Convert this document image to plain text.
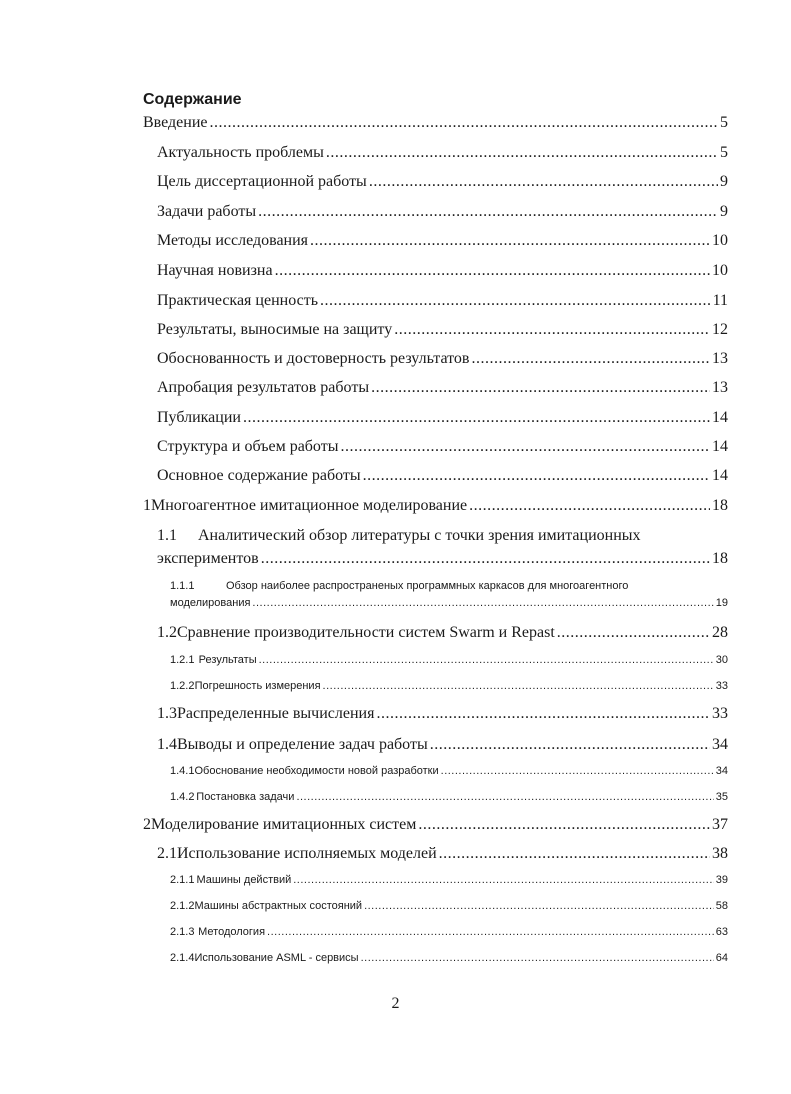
Содержание
Введение .....	5
Актуальность проблемы .....	5
Цель диссертационной работы .....	9
Задачи работы .....	9
Методы исследования .....	10
Научная новизна .....	10
Практическая ценность .....	11
Результаты, выносимые на защиту .....	12
Обоснованность и достоверность результатов .....	13
Апробация результатов работы .....	13
Публикации .....	14
Структура и объем работы .....	14
Основное содержание работы .....	14
1 Многоагентное имитационное моделирование .....	18
1.1	Аналитический обзор литературы с точки зрения имитационных
экспериментов .....	18
1.1.1	Обзор наиболее распространеных программных каркасов для многоагентного
моделирования .....	19
1.2 Сравнение производительности систем Swarm и Repast .....	28
1.2.1 Результаты .....	30
1.2.2 Погрешность измерения .....	33
1.3 Распределенные вычисления .....	33
1.4 Выводы и определение задач работы .....	34
1.4.1 Обоснование необходимости новой разработки .....	34
1.4.2 Постановка задачи .....	35
2 Моделирование имитационных систем .....	37
2.1 Использование исполняемых моделей .....	38
2.1.1 Машины действий .....	39
2.1.2 Машины абстрактных состояний .....	58
2.1.3 Методология .....	63
2.1.4 Использование ASML - сервисы .....	64
2
